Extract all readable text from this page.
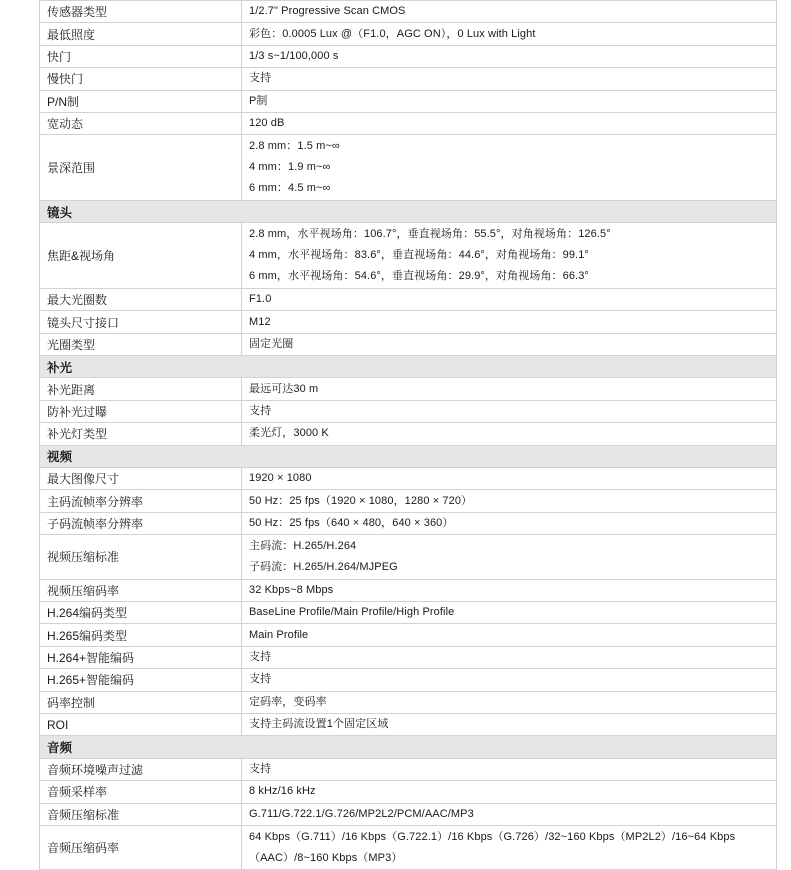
传感器类型	1/2.7" Progressive Scan CMOS

最低照度	彩色：0.0005 Lux @（F1.0，AGC ON），0 Lux with Light

快门	1/3 s~1/100,000 s

慢快门	支持

P/N制	P制

宽动态	120 dB

景深范围	2.8 mm：1.5 m~∞
4 mm：1.9 m~∞
6 mm：4.5 m~∞

镜头	
焦距&视场角	2.8 mm，水平视场角：106.7°，垂直视场角：55.5°，对角视场角：126.5°
4 mm，水平视场角：83.6°，垂直视场角：44.6°，对角视场角：99.1°
6 mm，水平视场角：54.6°，垂直视场角：29.9°，对角视场角：66.3°

最大光圈数	F1.0

镜头尺寸接口	M12

光圈类型	固定光圈

补光	
补光距离	最远可达30 m

防补光过曝	支持

补光灯类型	柔光灯，3000 K

视频	
最大图像尺寸	1920 × 1080

主码流帧率分辨率	50 Hz：25 fps（1920 × 1080，1280 × 720）

子码流帧率分辨率	50 Hz：25 fps（640 × 480，640 × 360）

视频压缩标准	主码流：H.265/H.264
子码流：H.265/H.264/MJPEG

视频压缩码率	32 Kbps~8 Mbps

H.264编码类型	BaseLine Profile/Main Profile/High Profile

H.265编码类型	Main Profile

H.264+智能编码	支持

H.265+智能编码	支持

码率控制	定码率，变码率

ROI	支持主码流设置1个固定区域

音频	
音频环境噪声过滤	支持

音频采样率	8 kHz/16 kHz

音频压缩标准	G.711/G.722.1/G.726/MP2L2/PCM/AAC/MP3

音频压缩码率	64 Kbps（G.711）/16 Kbps（G.722.1）/16 Kbps（G.726）/32~160 Kbps（MP2L2）/16~64 Kbps
（AAC）/8~160 Kbps（MP3）
